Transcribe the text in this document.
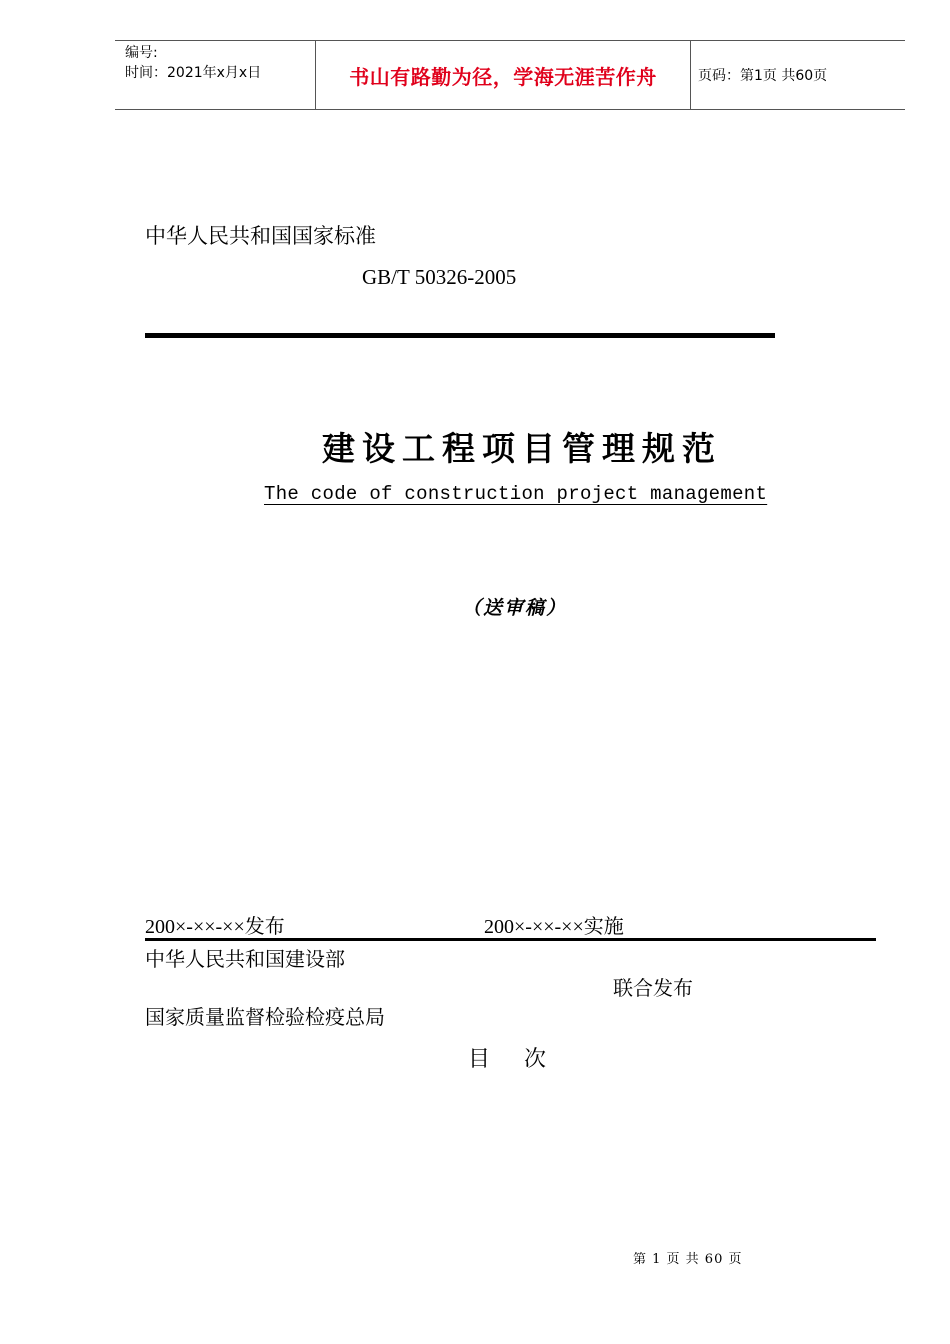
编号:
时间：2021年x月x日	书山有路勤为径，学海无涯苦作舟	页码：第1页 共60页
中华人民共和国国家标准
GB/T 50326-2005
建设工程项目管理规范
The code of construction project management
（送审稿）
200×-××-××发布	200×-××-××实施
中华人民共和国建设部
联合发布
国家质量监督检验检疫总局
目次
第 1 页 共 60 页
